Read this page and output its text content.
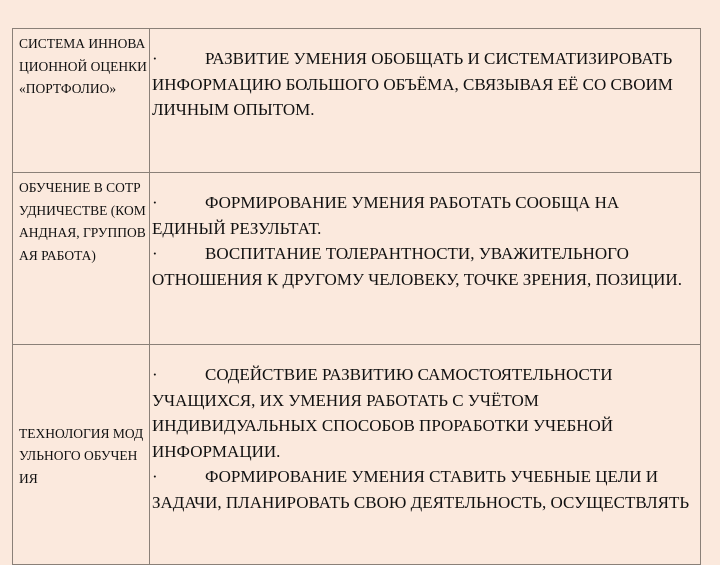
СИСТЕМА ИННОВАЦИОННОЙ ОЦЕНКИ «ПОРТФОЛИО»	· РАЗВИТИЕ УМЕНИЯ ОБОБЩАТЬ И СИСТЕМАТИЗИРОВАТЬ ИНФОРМАЦИЮ БОЛЬШОГО ОБЪЁМА, СВЯЗЫВАЯ ЕЁ СО СВОИМ ЛИЧНЫМ ОПЫТОМ.

ОБУЧЕНИЕ В СОТРУДНИЧЕСТВЕ (КОМАНДНАЯ, ГРУППОВАЯ РАБОТА)	· ФОРМИРОВАНИЕ УМЕНИЯ РАБОТАТЬ СООБЩА НА ЕДИНЫЙ РЕЗУЛЬТАТ.
· ВОСПИТАНИЕ ТОЛЕРАНТНОСТИ, УВАЖИТЕЛЬНОГО ОТНОШЕНИЯ К ДРУГОМУ ЧЕЛОВЕКУ, ТОЧКЕ ЗРЕНИЯ, ПОЗИЦИИ.

ТЕХНОЛОГИЯ МОДУЛЬНОГО ОБУЧЕНИЯ	· СОДЕЙСТВИЕ РАЗВИТИЮ САМОСТОЯТЕЛЬНОСТИ УЧАЩИХСЯ, ИХ УМЕНИЯ РАБОТАТЬ С УЧЁТОМ ИНДИВИДУАЛЬНЫХ СПОСОБОВ ПРОРАБОТКИ УЧЕБНОЙ ИНФОРМАЦИИ.
· ФОРМИРОВАНИЕ УМЕНИЯ СТАВИТЬ УЧЕБНЫЕ ЦЕЛИ И ЗАДАЧИ, ПЛАНИРОВАТЬ СВОЮ ДЕЯТЕЛЬНОСТЬ, ОСУЩЕСТВЛЯТЬ
